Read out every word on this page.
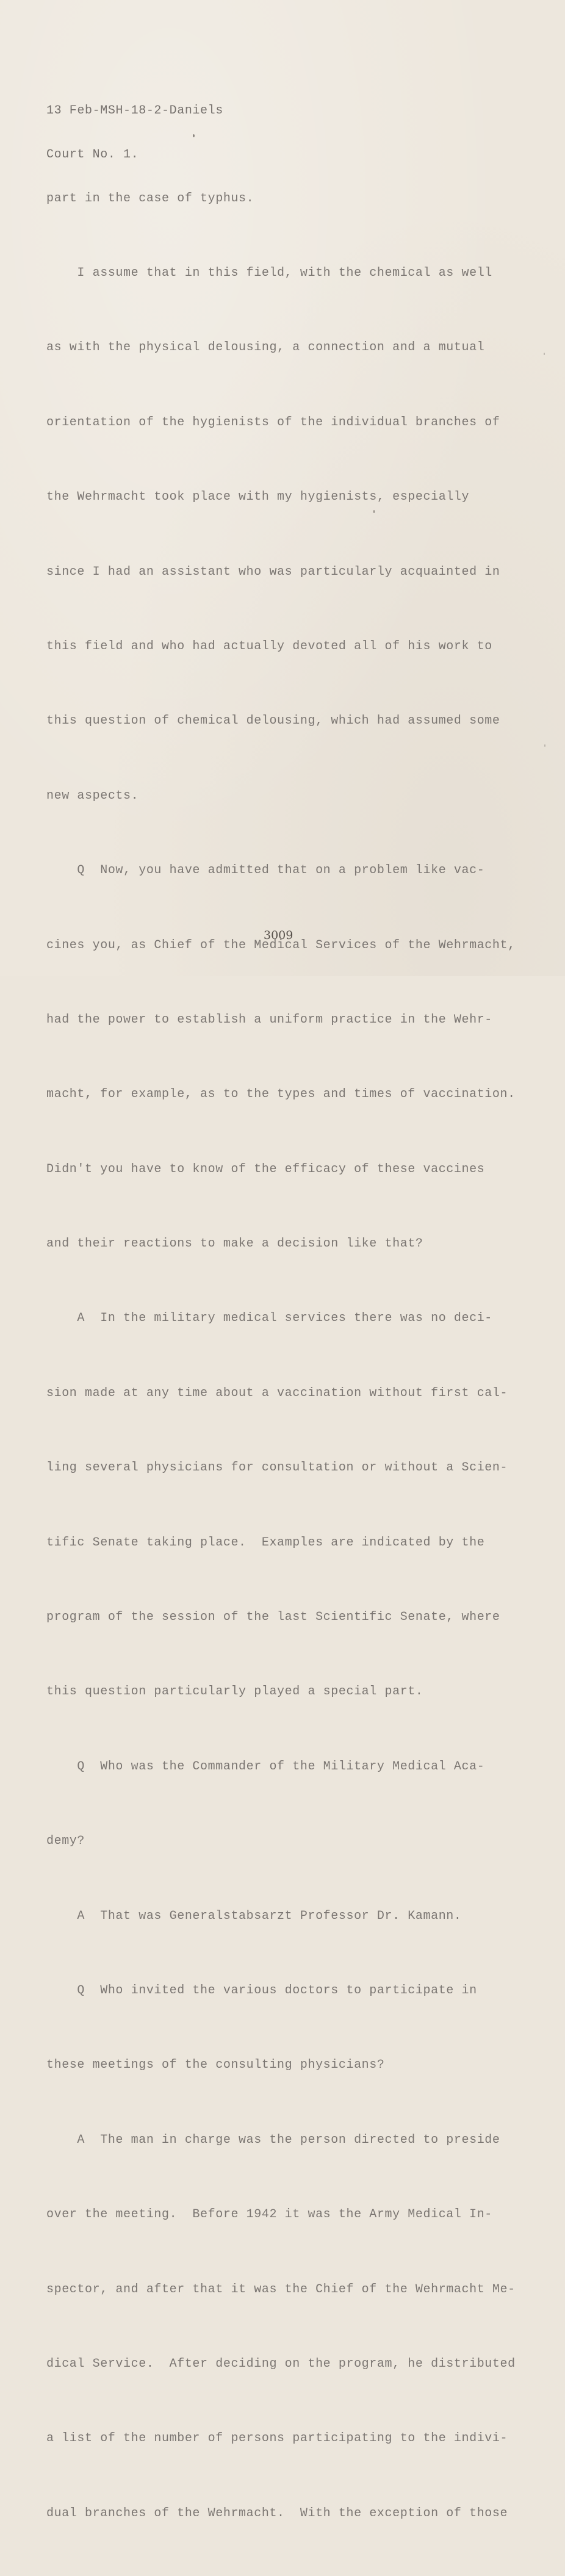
13 Feb-MSH-18-2-Daniels

Court No. 1.

part in the case of typhus.

I assume that in this field, with the chemical as well

as with the physical delousing, a connection and a mutual

orientation of the hygienists of the individual branches of

the Wehrmacht took place with my hygienists, especially

since I had an assistant who was particularly acquainted in

this field and who had actually devoted all of his work to

this question of chemical delousing, which had assumed some

new aspects.

Q  Now, you have admitted that on a problem like vac-

cines you, as Chief of the Medical Services of the Wehrmacht,

had the power to establish a uniform practice in the Wehr-

macht, for example, as to the types and times of vaccination.

Didn't you have to know of the efficacy of these vaccines

and their reactions to make a decision like that?

A  In the military medical services there was no deci-

sion made at any time about a vaccination without first cal-

ling several physicians for consultation or without a Scien-

tific Senate taking place.  Examples are indicated by the

program of the session of the last Scientific Senate, where

this question particularly played a special part.

Q  Who was the Commander of the Military Medical Aca-

demy?

A  That was Generalstabsarzt Professor Dr. Kamann.

Q  Who invited the various doctors to participate in

these meetings of the consulting physicians?

A  The man in charge was the person directed to preside

over the meeting.  Before 1942 it was the Army Medical In-

spector, and after that it was the Chief of the Wehrmacht Me-

dical Service.  After deciding on the program, he distributed

a list of the number of persons participating to the indivi-

dual branches of the Wehrmacht.  With the exception of those

3009
